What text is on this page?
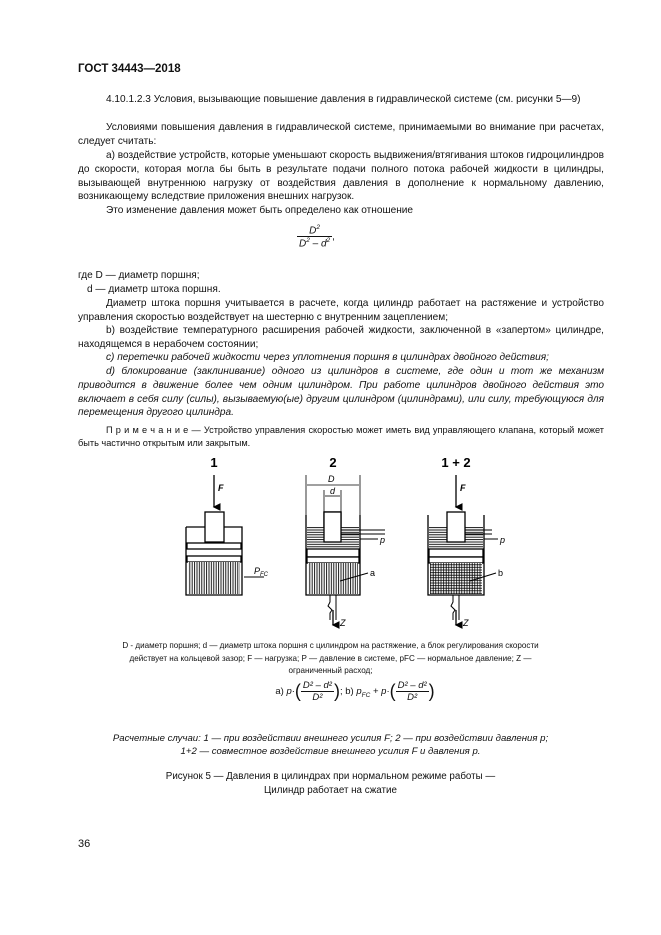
ГОСТ 34443—2018
4.10.1.2.3 Условия, вызывающие повышение давления в гидравлической системе (см. рисунки 5—9)
Условиями повышения давления в гидравлической системе, принимаемыми во внимание при расчетах, следует считать:
а) воздействие устройств, которые уменьшают скорость выдвижения/втягивания штоков гидроцилиндров до скорости, которая могла бы быть в результате подачи полного потока рабочей жидкости в цилиндры, вызывающей внутреннюю нагрузку от воздействия давления в дополнение к нормальному давлению, возникающему вследствие приложения внешних нагрузок.
Это изменение давления может быть определено как отношение
$\frac{D^2}{D^2 - d^2}$ ,
где D — диаметр поршня;
d — диаметр штока поршня.
Диаметр штока поршня учитывается в расчете, когда цилиндр работает на растяжение и устройство управления скоростью воздействует на шестерню с внутренним зацеплением;
b) воздействие температурного расширения рабочей жидкости, заключенной в «запертом» цилиндре, находящемся в нерабочем состоянии;
c) перетечки рабочей жидкости через уплотнения поршня в цилиндрах двойного действия;
d) блокирование (заклинивание) одного из цилиндров в системе, где один и тот же механизм приводится в движение более чем одним цилиндром. При работе цилиндров двойного действия это включает в себя силу (силы), вызываемую(ые) другим цилиндром (цилиндрами), или силу, требующуюся для перемещения другого цилиндра.
П р и м е ч а н и е — Устройство управления скоростью может иметь вид управляющего клапана, который может быть частично открытым или закрытым.
1	2	1 + 2
F
$P_{FC}$
D
d
p
a
Z
F
p
b
Z
D - диаметр поршня; d — диаметр штока поршня с цилиндром на растяжение, а блок регулирования скорости действует на кольцевой зазор; F — нагрузка; P — давление в системе, pFC — нормальное давление; Z — ограниченный расход;
a) $p\cdot( \frac{\text{D² – d²}}{\text{D²}}$ ); b) $p_{FC} + p\cdot( \frac{\text{D² – d²}}{\text{D²}}$ )
Расчетные случаи: 1 — при воздействии внешнего усилия F; 2 — при воздействии давления p; 1+2 — совместное воздействие внешнего усилия F и давления p.
Рисунок 5 — Давления в цилиндрах при нормальном режиме работы —
Цилиндр работает на сжатие
36
